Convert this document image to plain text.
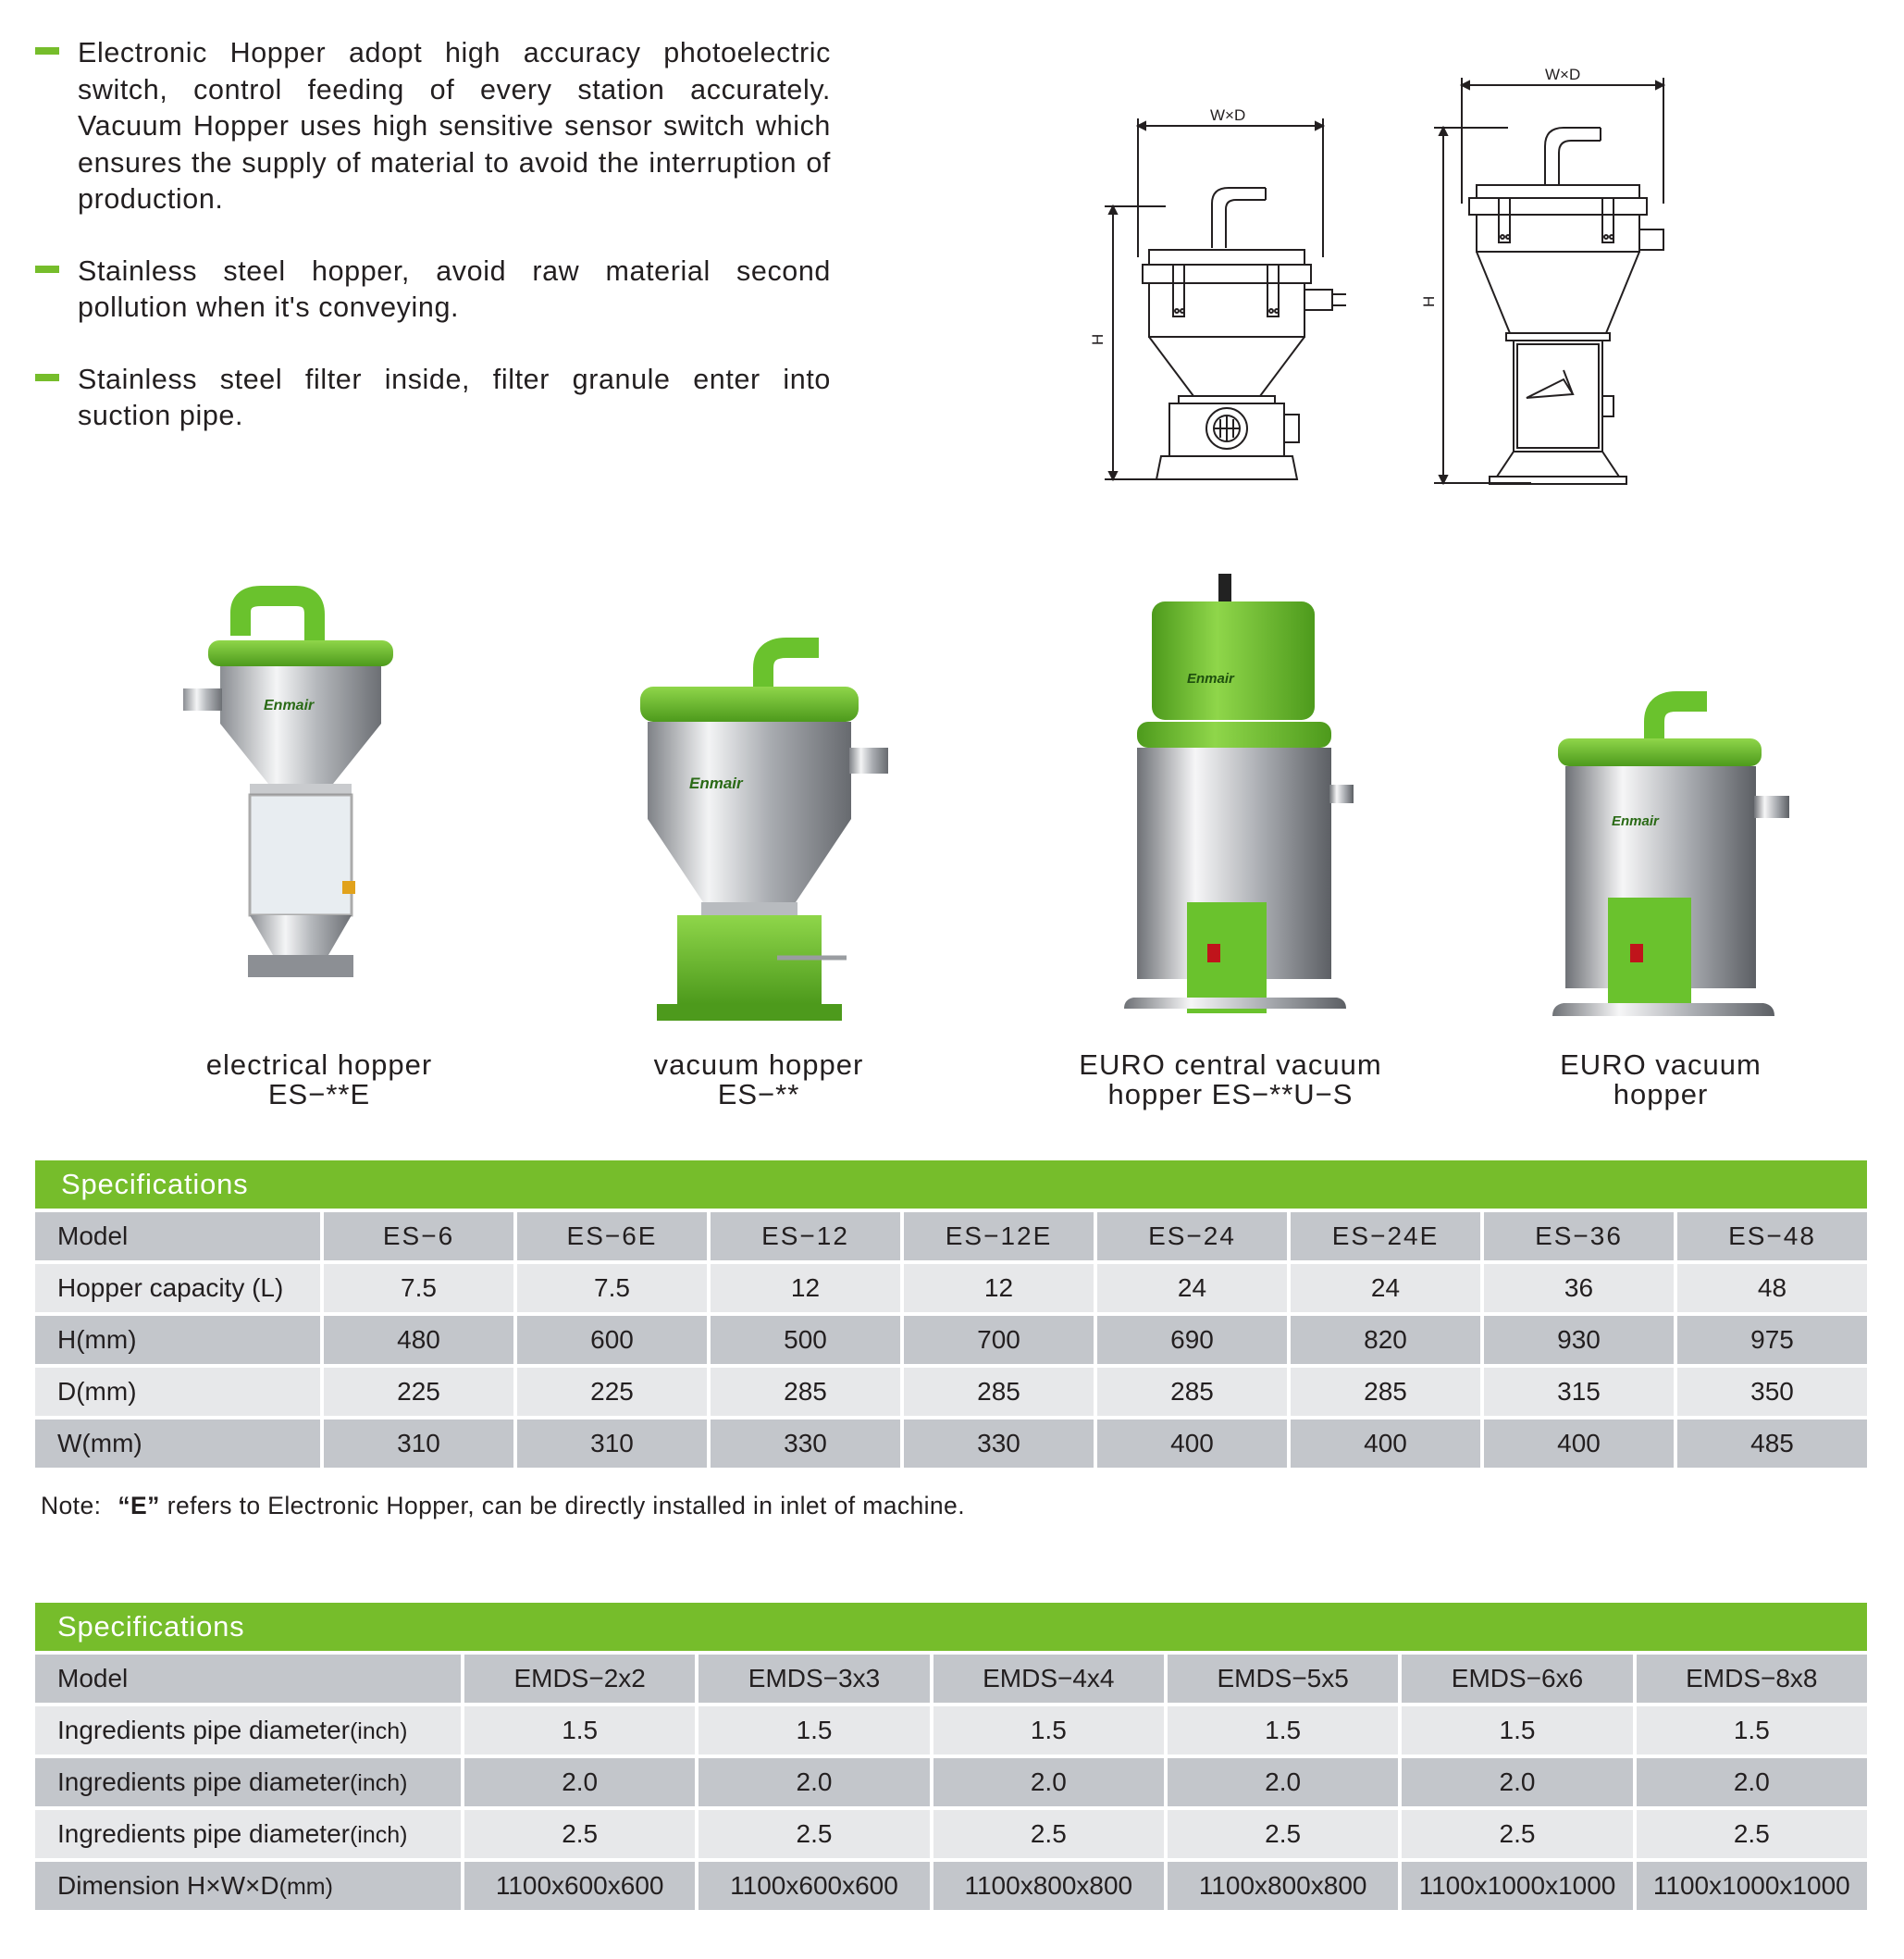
Electronic Hopper adopt high accuracy photoelectric switch, control feeding of every station accurately. Vacuum Hopper uses high sensitive sensor switch which ensures the supply of material to avoid the interruption of production.

Stainless steel hopper, avoid raw material second pollution when it's conveying.

Stainless steel filter inside, filter granule enter into suction pipe.

W×D
H
W×D
H
Enmair
Enmair
Enmair
Enmair
electrical hopper
ES−**E
vacuum hopper
ES−**
EURO central vacuum
hopper ES−**U−S
EURO vacuum
hopper
Specifications
Model	ES−6	ES−6E	ES−12	ES−12E	ES−24	ES−24E	ES−36	ES−48
Hopper capacity (L)	7.5	7.5	12	12	24	24	36	48
H(mm)	480	600	500	700	690	820	930	975
D(mm)	225	225	285	285	285	285	315	350
W(mm)	310	310	330	330	400	400	400	485
Note: “E” refers to Electronic Hopper, can be directly installed in inlet of machine.
Specifications
Model	EMDS−2x2	EMDS−3x3	EMDS−4x4	EMDS−5x5	EMDS−6x6	EMDS−8x8
Ingredients pipe diameter(inch)	1.5	1.5	1.5	1.5	1.5	1.5
Ingredients pipe diameter(inch)	2.0	2.0	2.0	2.0	2.0	2.0
Ingredients pipe diameter(inch)	2.5	2.5	2.5	2.5	2.5	2.5
Dimension H×W×D(mm)	1100x600x600	1100x600x600	1100x800x800	1100x800x800	1100x1000x1000	1100x1000x1000
